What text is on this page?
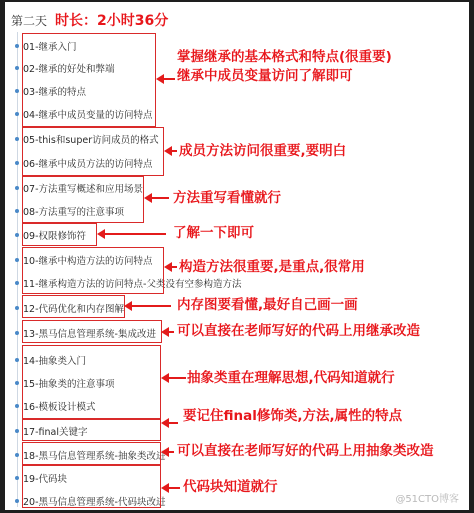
第二天 时长：2小时36分
01-继承入门
02-继承的好处和弊端
03-继承的特点
04-继承中成员变量的访问特点
05-this和super访问成员的格式
06-继承中成员方法的访问特点
07-方法重写概述和应用场景
08-方法重写的注意事项
09-权限修饰符
10-继承中构造方法的访问特点
11-继承构造方法的访问特点-父类没有空参构造方法
12-代码优化和内存图解
13-黑马信息管理系统-集成改进
14-抽象类入门
15-抽象类的注意事项
16-模板设计模式
17-final关键字
18-黑马信息管理系统-抽象类改进
19-代码块
20-黑马信息管理系统-代码块改进
掌握继承的基本格式和特点(很重要)
继承中成员变量访问了解即可
成员方法访问很重要,要明白
方法重写看懂就行
了解一下即可
构造方法很重要,是重点,很常用
内存图要看懂,最好自己画一画
可以直接在老师写好的代码上用继承改造
抽象类重在理解思想,代码知道就行
要记住final修饰类,方法,属性的特点
可以直接在老师写好的代码上用抽象类改造
代码块知道就行
@51CTO博客
